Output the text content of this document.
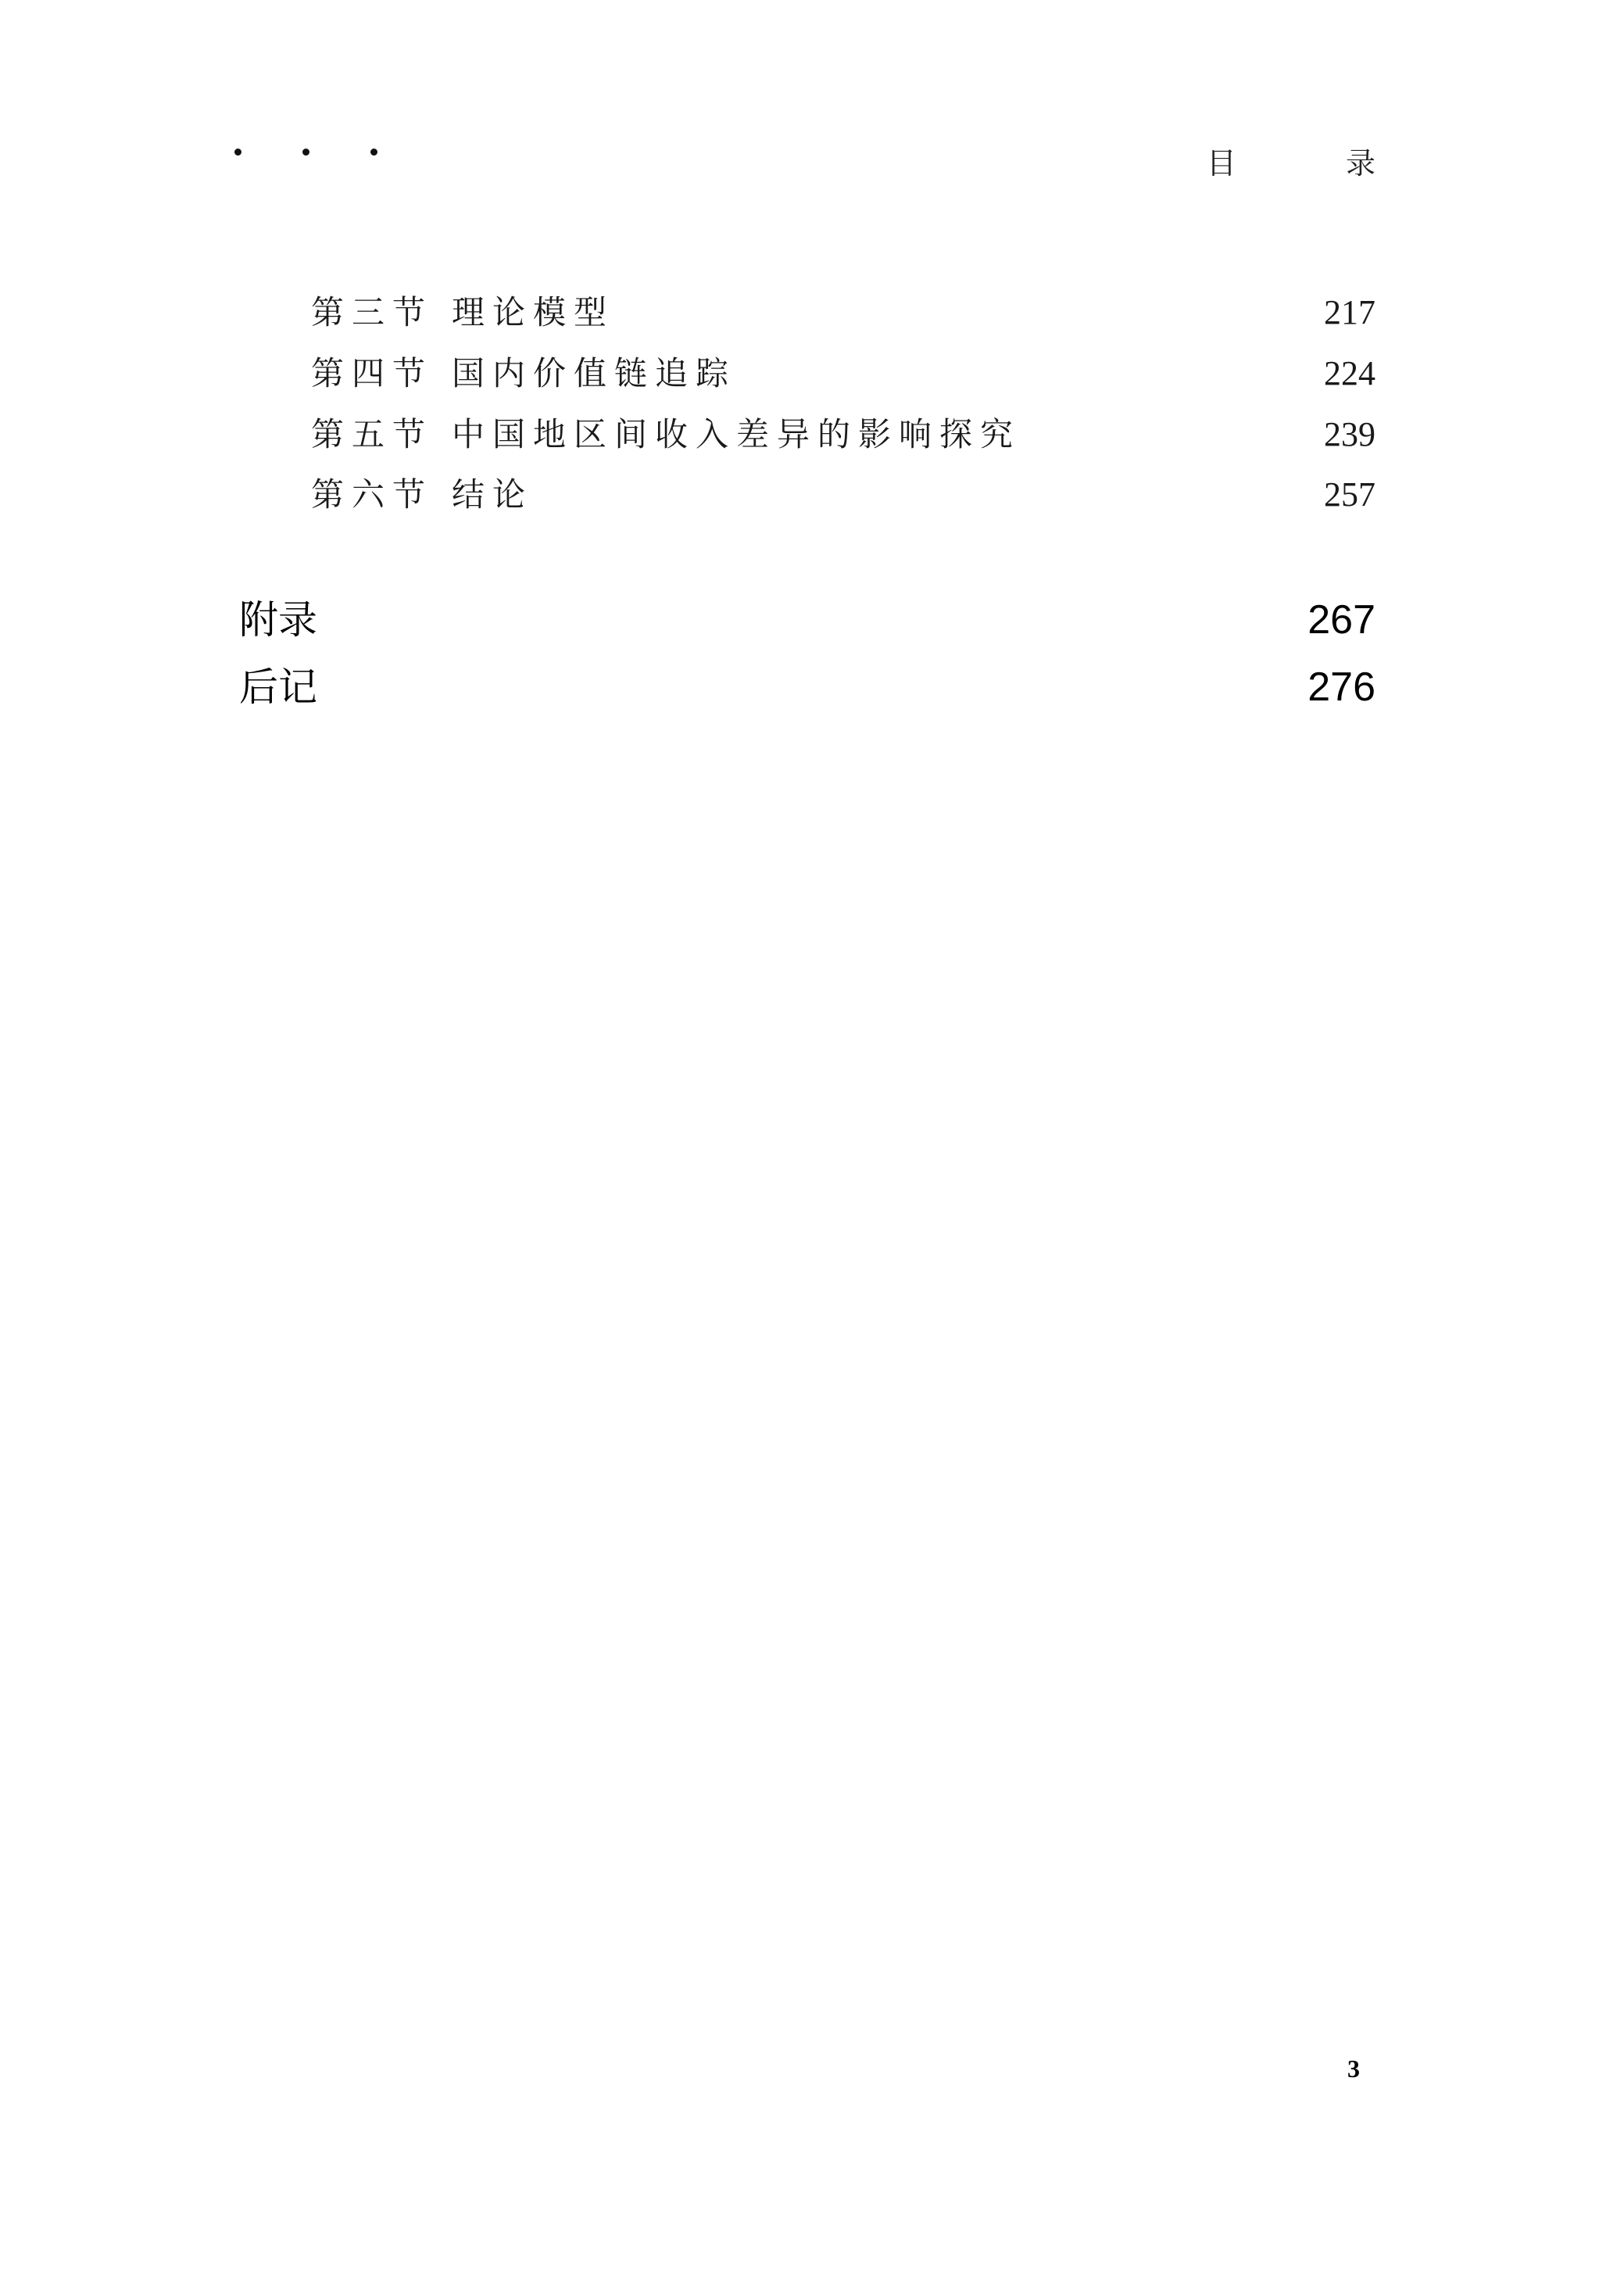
目 录
第三节 理论模型	217
第四节 国内价值链追踪	224
第五节 中国地区间收入差异的影响探究	239
第六节 结论	257
附录	267
后记	276
3
